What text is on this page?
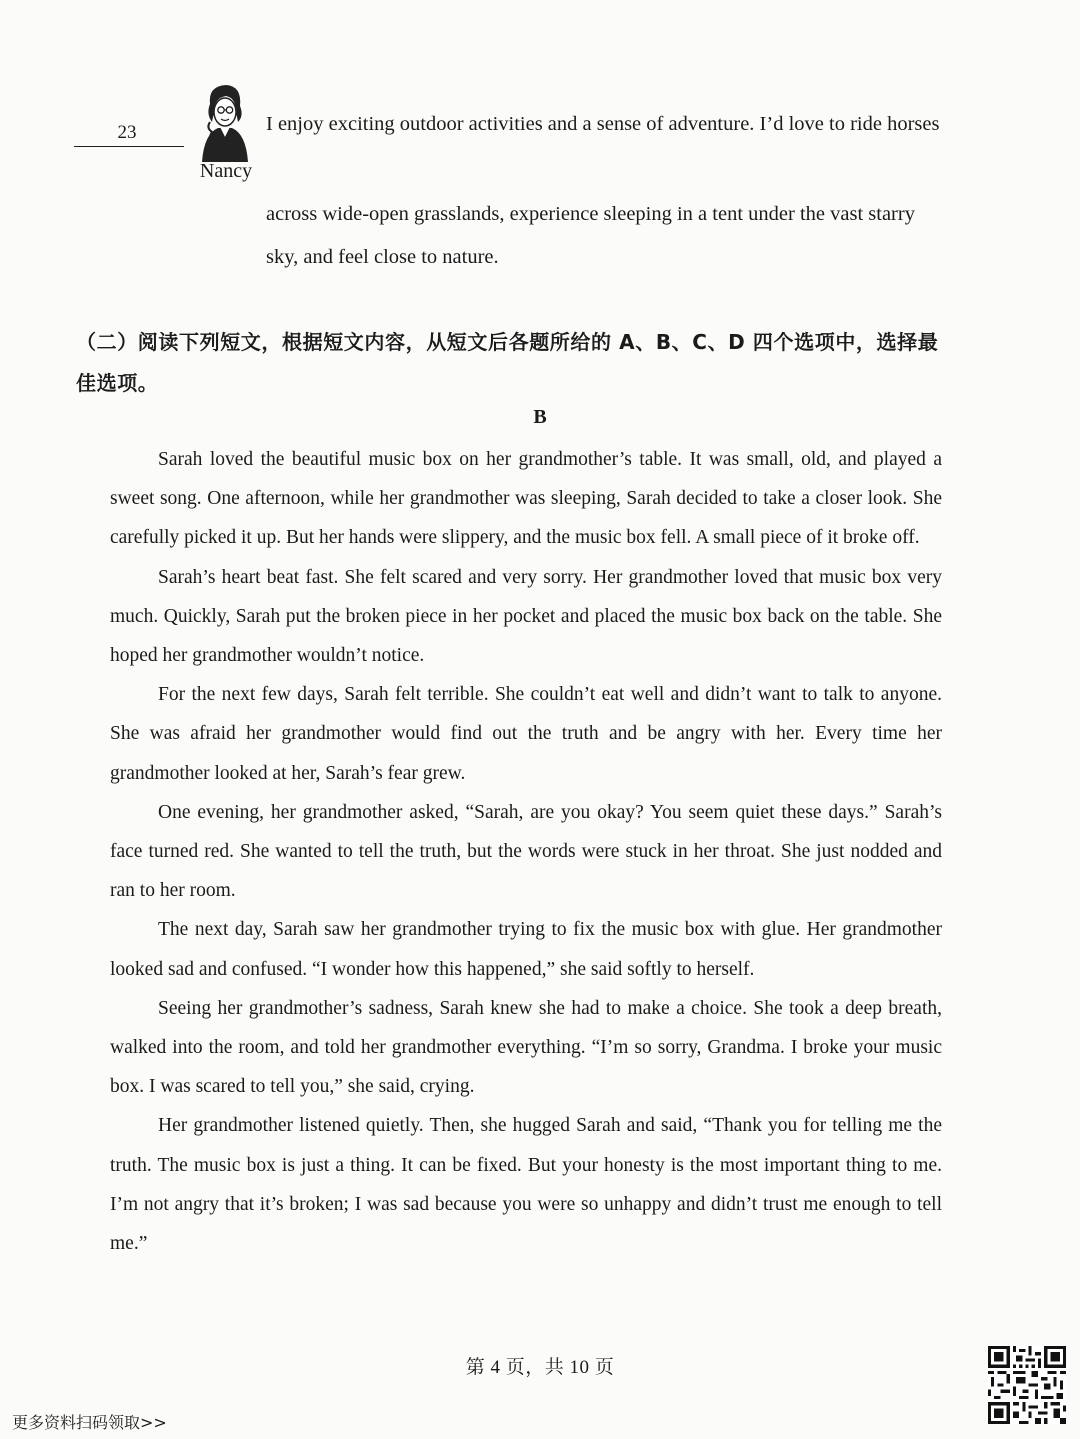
23
Nancy
I enjoy exciting outdoor activities and a sense of adventure. I’d love to ride horses
across wide-open grasslands, experience sleeping in a tent under the vast starry
sky, and feel close to nature.
（二）阅读下列短文，根据短文内容，从短文后各题所给的 A、B、C、D 四个选项中，选择最佳选项。
B

Sarah loved the beautiful music box on her grandmother’s table. It was small, old, and played a sweet song. One afternoon, while her grandmother was sleeping, Sarah decided to take a closer look. She carefully picked it up. But her hands were slippery, and the music box fell. A small piece of it broke off.

Sarah’s heart beat fast. She felt scared and very sorry. Her grandmother loved that music box very much. Quickly, Sarah put the broken piece in her pocket and placed the music box back on the table. She hoped her grandmother wouldn’t notice.

For the next few days, Sarah felt terrible. She couldn’t eat well and didn’t want to talk to anyone. She was afraid her grandmother would find out the truth and be angry with her. Every time her grandmother looked at her, Sarah’s fear grew.

One evening, her grandmother asked, “Sarah, are you okay? You seem quiet these days.” Sarah’s face turned red. She wanted to tell the truth, but the words were stuck in her throat. She just nodded and ran to her room.

The next day, Sarah saw her grandmother trying to fix the music box with glue. Her grandmother looked sad and confused. “I wonder how this happened,” she said softly to herself.

Seeing her grandmother’s sadness, Sarah knew she had to make a choice. She took a deep breath, walked into the room, and told her grandmother everything. “I’m so sorry, Grandma. I broke your music box. I was scared to tell you,” she said, crying.

Her grandmother listened quietly. Then, she hugged Sarah and said, “Thank you for telling me the truth. The music box is just a thing. It can be fixed. But your honesty is the most important thing to me. I’m not angry that it’s broken; I was sad because you were so unhappy and didn’t trust me enough to tell me.”

第 4 页，共 10 页
更多资料扫码领取>>
